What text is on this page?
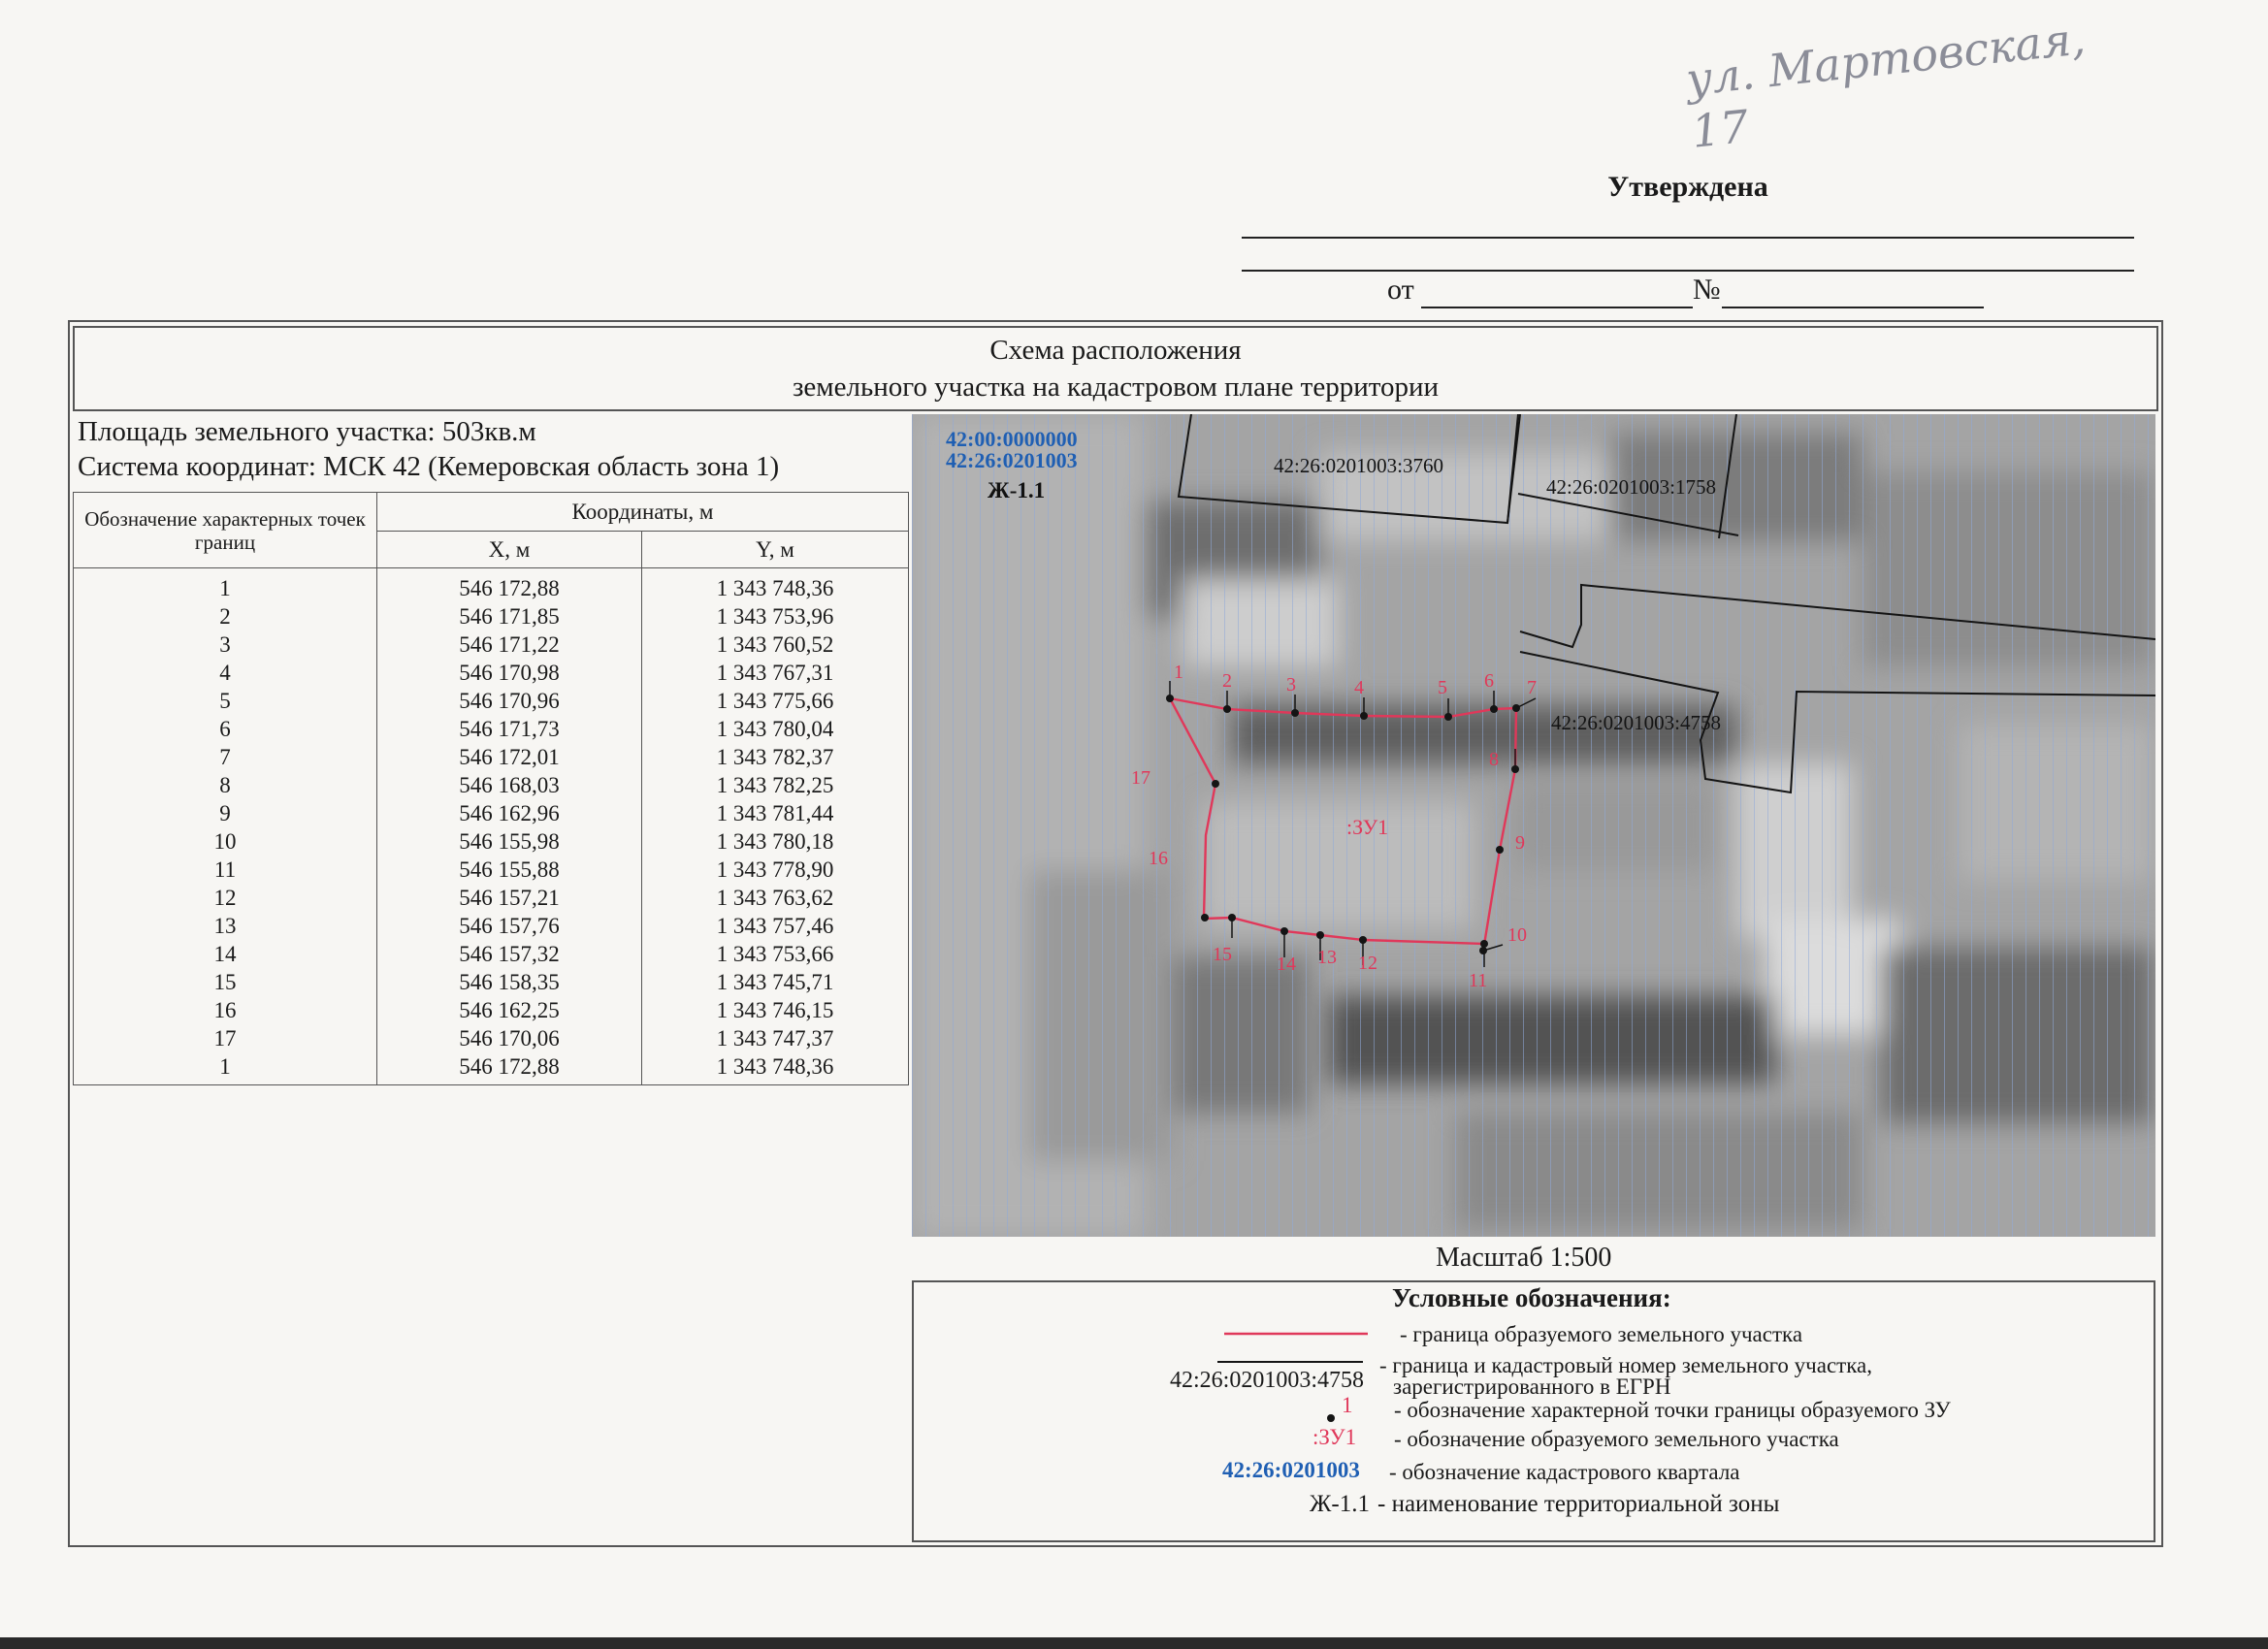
ул. Мартовская, 17
Утверждена
от	№
Схема расположения
земельного участка на кадастровом плане территории
Площадь земельного участка: 503кв.м
Система координат: МСК 42 (Кемеровская область зона 1)
Обозначение характерных точек границ	Координаты, м	
	X, м	Y, м
1	546 172,88	1 343 748,36
2	546 171,85	1 343 753,96
3	546 171,22	1 343 760,52
4	546 170,98	1 343 767,31
5	546 170,96	1 343 775,66
6	546 171,73	1 343 780,04
7	546 172,01	1 343 782,37
8	546 168,03	1 343 782,25
9	546 162,96	1 343 781,44
10	546 155,98	1 343 780,18
11	546 155,88	1 343 778,90
12	546 157,21	1 343 763,62
13	546 157,76	1 343 757,46
14	546 157,32	1 343 753,66
15	546 158,35	1 343 745,71
16	546 162,25	1 343 746,15
17	546 170,06	1 343 747,37
1	546 172,88	1 343 748,36
1 2	3	4	5 6 7
8
9
10
11
12
13
14
15
16
17
42:26:0201003:3760
42:26:0201003:1758
42:26:0201003:4758
:ЗУ1
42:00:0000000
42:26:0201003
Ж-1.1
Масштаб 1:500
Условные обозначения:
- граница образуемого земельного участка
42:26:0201003:4758
- граница и кадастровый номер земельного участка,
зарегистрированного в ЕГРН
1 - обозначение характерной точки границы образуемого ЗУ
:ЗУ1 - обозначение образуемого земельного участка
42:26:0201003 - обозначение кадастрового квартала
Ж-1.1 - наименование территориальной зоны
